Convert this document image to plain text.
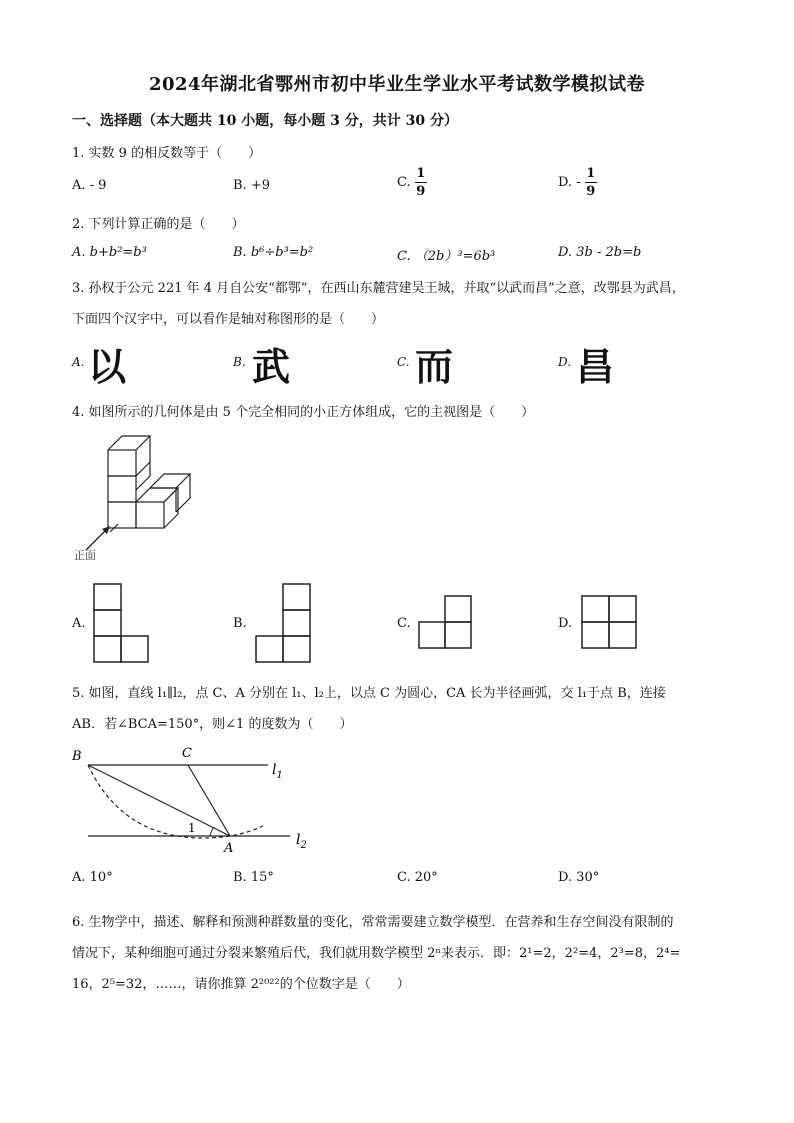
2024年湖北省鄂州市初中毕业生学业水平考试数学模拟试卷
一、选择题（本大题共 10 小题，每小题 3 分，共计 30 分）
1. 实数 9 的相反数等于（　　）
A. - 9	B. +9	C. $\frac{1}{9}$	D. - $\frac{1}{9}$
2. 下列计算正确的是（　　）
A. b+b²=b³	B. b⁶÷b³=b²	C. （2b）³=6b³	D. 3b - 2b=b
3. 孙权于公元 221 年 4 月自公安“都鄂”，在西山东麓营建吴王城，并取“以武而昌”之意，改鄂县为武昌，
下面四个汉字中，可以看作是轴对称图形的是（　　）
A. 以	B. 武	C. 而	D. 昌
4. 如图所示的几何体是由 5 个完全相同的小正方体组成，它的主视图是（　　）
正面
A.	B.	C.	D.
5. 如图，直线 l₁∥l₂，点 C、A 分别在 l₁、l₂上，以点 C 为圆心，CA 长为半径画弧，交 l₁于点 B，连接
AB．若∠BCA=150°，则∠1 的度数为（　　）
B	C
A
1
$l_1$
$l_2$
A. 10°	B. 15°	C. 20°	D. 30°
6. 生物学中，描述、解释和预测种群数量的变化，常常需要建立数学模型．在营养和生存空间没有限制的
情况下，某种细胞可通过分裂来繁殖后代，我们就用数学模型 2ⁿ来表示．即：2¹=2，2²=4，2³=8，2⁴=
16，2⁵=32，……，请你推算 2²⁰²²的个位数字是（　　）
